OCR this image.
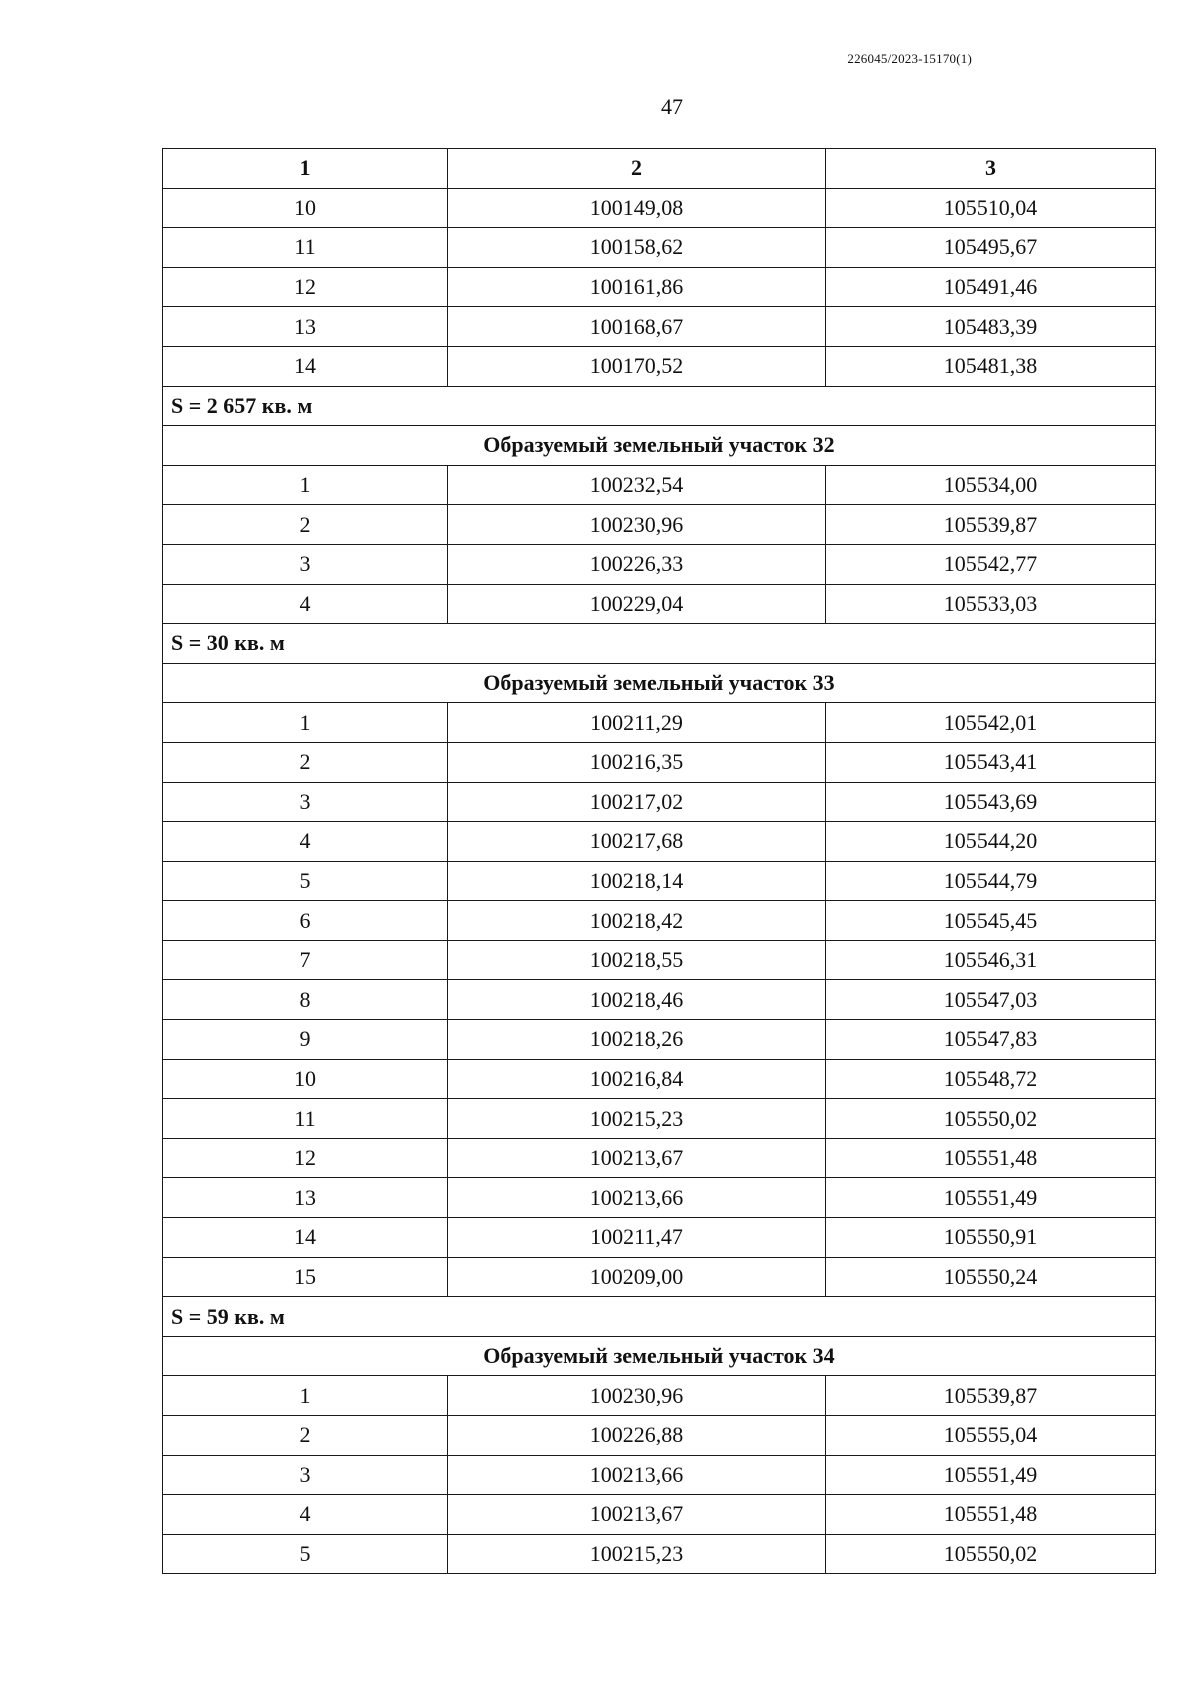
226045/2023-15170(1)
47
1	2	3
10	100149,08	105510,04
11	100158,62	105495,67
12	100161,86	105491,46
13	100168,67	105483,39
14	100170,52	105481,38
S = 2 657 кв. м		
Образуемый земельный участок 32		
1	100232,54	105534,00
2	100230,96	105539,87
3	100226,33	105542,77
4	100229,04	105533,03
S = 30 кв. м		
Образуемый земельный участок 33		
1	100211,29	105542,01
2	100216,35	105543,41
3	100217,02	105543,69
4	100217,68	105544,20
5	100218,14	105544,79
6	100218,42	105545,45
7	100218,55	105546,31
8	100218,46	105547,03
9	100218,26	105547,83
10	100216,84	105548,72
11	100215,23	105550,02
12	100213,67	105551,48
13	100213,66	105551,49
14	100211,47	105550,91
15	100209,00	105550,24
S = 59 кв. м		
Образуемый земельный участок 34		
1	100230,96	105539,87
2	100226,88	105555,04
3	100213,66	105551,49
4	100213,67	105551,48
5	100215,23	105550,02
